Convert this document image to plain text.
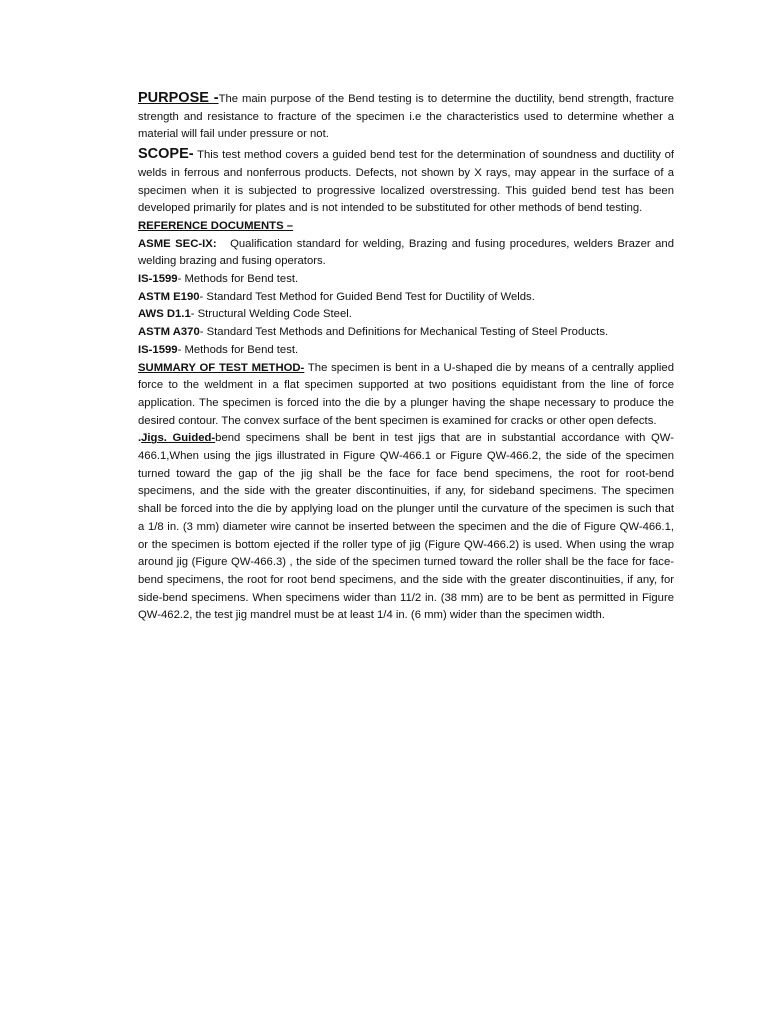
PURPOSE -The main purpose of the Bend testing is to determine the ductility, bend strength, fracture strength and resistance to fracture of the specimen i.e the characteristics used to determine whether a material will fail under pressure or not.

SCOPE- This test method covers a guided bend test for the determination of soundness and ductility of welds in ferrous and nonferrous products. Defects, not shown by X rays, may appear in the surface of a specimen when it is subjected to progressive localized overstressing. This guided bend test has been developed primarily for plates and is not intended to be substituted for other methods of bend testing.

REFERENCE DOCUMENTS –

ASME SEC-IX:   Qualification standard for welding, Brazing and fusing procedures, welders Brazer and welding brazing and fusing operators.

IS-1599- Methods for Bend test.

ASTM E190- Standard Test Method for Guided Bend Test for Ductility of Welds.

AWS D1.1- Structural Welding Code Steel.

ASTM A370- Standard Test Methods and Definitions for Mechanical Testing of Steel Products.

IS-1599- Methods for Bend test.

SUMMARY OF TEST METHOD- The specimen is bent in a U-shaped die by means of a centrally applied force to the weldment in a flat specimen supported at two positions equidistant from the line of force application. The specimen is forced into the die by a plunger having the shape necessary to produce the desired contour. The convex surface of the bent specimen is examined for cracks or other open defects.

.Jigs. Guided-bend specimens shall be bent in test jigs that are in substantial accordance with QW-466.1,When using the jigs illustrated in Figure QW-466.1 or Figure QW-466.2, the side of the specimen turned toward the gap of the jig shall be the face for face bend specimens, the root for root-bend specimens, and the side with the greater discontinuities, if any, for sideband specimens. The specimen shall be forced into the die by applying load on the plunger until the curvature of the specimen is such that a 1/8 in. (3 mm) diameter wire cannot be inserted between the specimen and the die of Figure QW-466.1, or the specimen is bottom ejected if the roller type of jig (Figure QW-466.2) is used. When using the wrap around jig (Figure QW-466.3) , the side of the specimen turned toward the roller shall be the face for face-bend specimens, the root for root bend specimens, and the side with the greater discontinuities, if any, for side-bend specimens. When specimens wider than 11/2 in. (38 mm) are to be bent as permitted in Figure QW-462.2, the test jig mandrel must be at least 1/4 in. (6 mm) wider than the specimen width.
